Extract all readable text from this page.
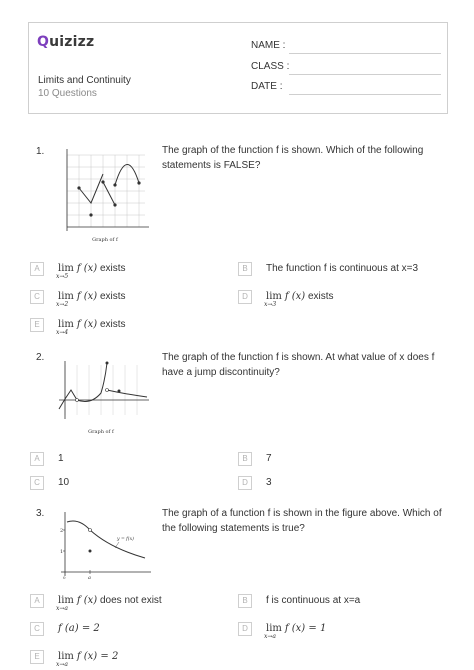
Quizizz
Limits and Continuity
10 Questions
NAME :
CLASS :
DATE :
1.	The graph of the function f is shown. Which of the following statements is FALSE?
Graph of f
A	lim
x→5
f (x) exists	B	The function f is continuous at x=3
C	lim
x→2
f (x) exists	D	lim
x→3
f (x) exists
E	lim
x→4
f (x) exists
2.	The graph of the function f is shown. At what value of x does f have a jump discontinuity?
Graph of f
A	1	B	7
C	10	D	3
3.	The graph of a function f is shown in the figure above. Which of the following statements is true?
2
1
a
0
y = f(x)
A	lim
x→a
f (x) does not exist	B	f is continuous at x=a
C	f (a) = 2	D	lim
x→a
f (x) = 1
E	lim
x→a
f (x) = 2
